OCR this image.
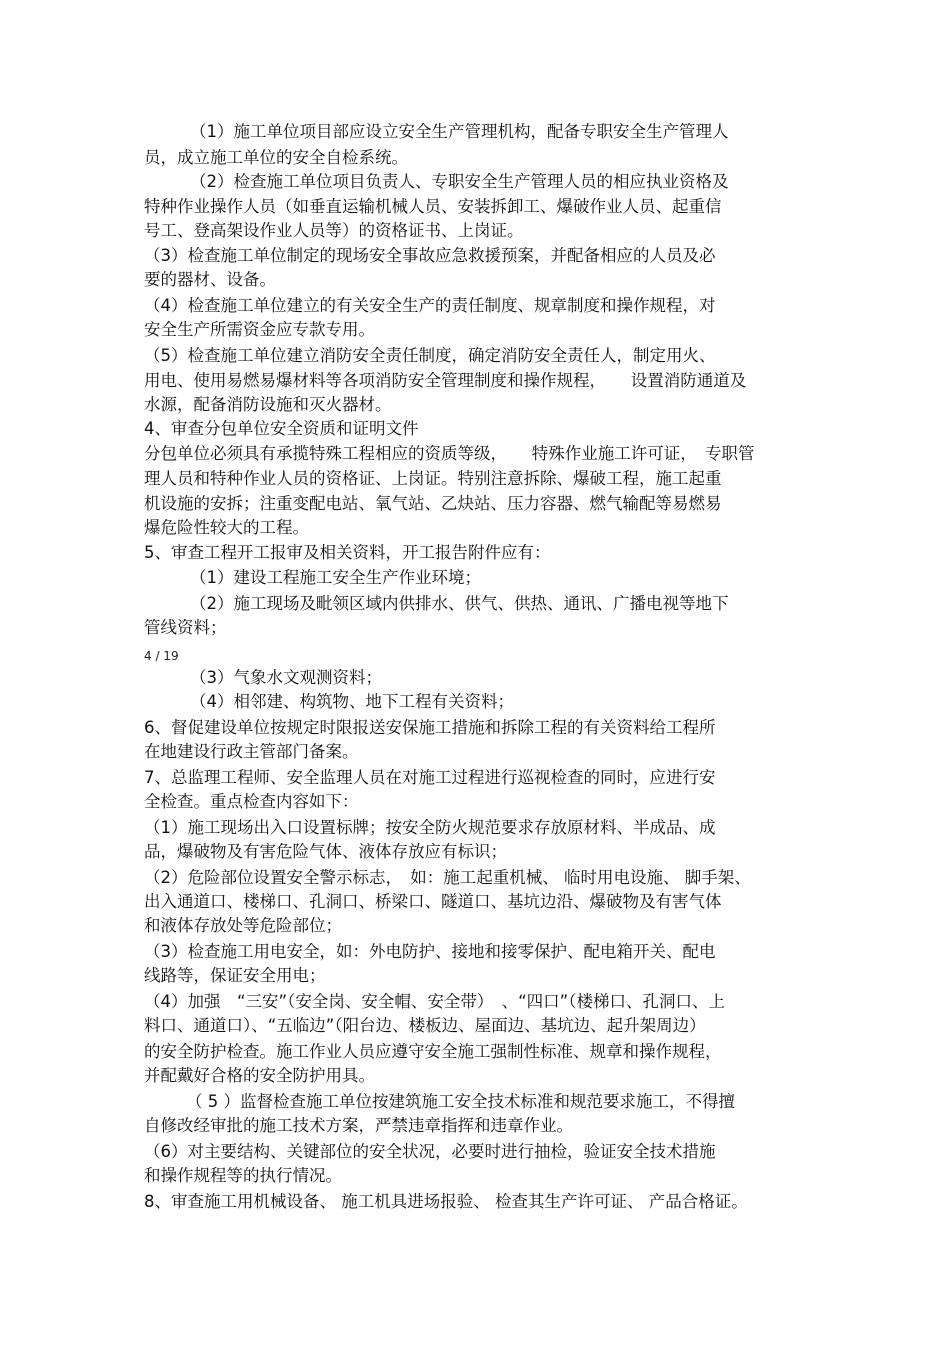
（1）施工单位项目部应设立安全生产管理机构，配备专职安全生产管理人
员，成立施工单位的安全自检系统。
（2）检查施工单位项目负责人、专职安全生产管理人员的相应执业资格及
特种作业操作人员（如垂直运输机械人员、安装拆卸工、爆破作业人员、起重信
号工、登高架设作业人员等）的资格证书、上岗证。
（3）检查施工单位制定的现场安全事故应急救援预案，并配备相应的人员及必
要的器材、设备。
（4）检查施工单位建立的有关安全生产的责任制度、规章制度和操作规程，对
安全生产所需资金应专款专用。
（5）检查施工单位建立消防安全责任制度，确定消防安全责任人，制定用火、
用电、使用易燃易爆材料等各项消防安全管理制度和操作规程，　　设置消防通道及
水源，配备消防设施和灭火器材。
4、审查分包单位安全资质和证明文件
分包单位必须具有承揽特殊工程相应的资质等级，　　特殊作业施工许可证，　专职管
理人员和特种作业人员的资格证、上岗证。特别注意拆除、爆破工程，施工起重
机设施的安拆；注重变配电站、氧气站、乙炔站、压力容器、燃气输配等易燃易
爆危险性较大的工程。
5、审查工程开工报审及相关资料，开工报告附件应有：
（1）建设工程施工安全生产作业环境；
（2）施工现场及毗领区域内供排水、供气、供热、通讯、广播电视等地下
管线资料；
4 / 19
（3）气象水文观测资料；
（4）相邻建、构筑物、地下工程有关资料；
6、督促建设单位按规定时限报送安保施工措施和拆除工程的有关资料给工程所
在地建设行政主管部门备案。
7、总监理工程师、安全监理人员在对施工过程进行巡视检查的同时，应进行安
全检查。重点检查内容如下：
（1）施工现场出入口设置标牌；按安全防火规范要求存放原材料、半成品、成
品，爆破物及有害危险气体、液体存放应有标识；
（2）危险部位设置安全警示标志，　如：施工起重机械、 临时用电设施、 脚手架、
出入通道口、楼梯口、孔洞口、桥梁口、隧道口、基坑边沿、爆破物及有害气体
和液体存放处等危险部位；
（3）检查施工用电安全，如：外电防护、接地和接零保护、配电箱开关、配电
线路等，保证安全用电；
（4）加强　“三安”（安全岗、安全帽、安全带）　、“四口”（楼梯口、孔洞口、上
料口、通道口）、“五临边”（阳台边、楼板边、屋面边、基坑边、起升架周边）
的安全防护检查。施工作业人员应遵守安全施工强制性标准、规章和操作规程，
并配戴好合格的安全防护用具。
（ 5 ）监督检查施工单位按建筑施工安全技术标准和规范要求施工，不得擅
自修改经审批的施工技术方案，严禁违章指挥和违章作业。
（6）对主要结构、关键部位的安全状况，必要时进行抽检，验证安全技术措施
和操作规程等的执行情况。
8、审查施工用机械设备、 施工机具进场报验、 检查其生产许可证、 产品合格证。
